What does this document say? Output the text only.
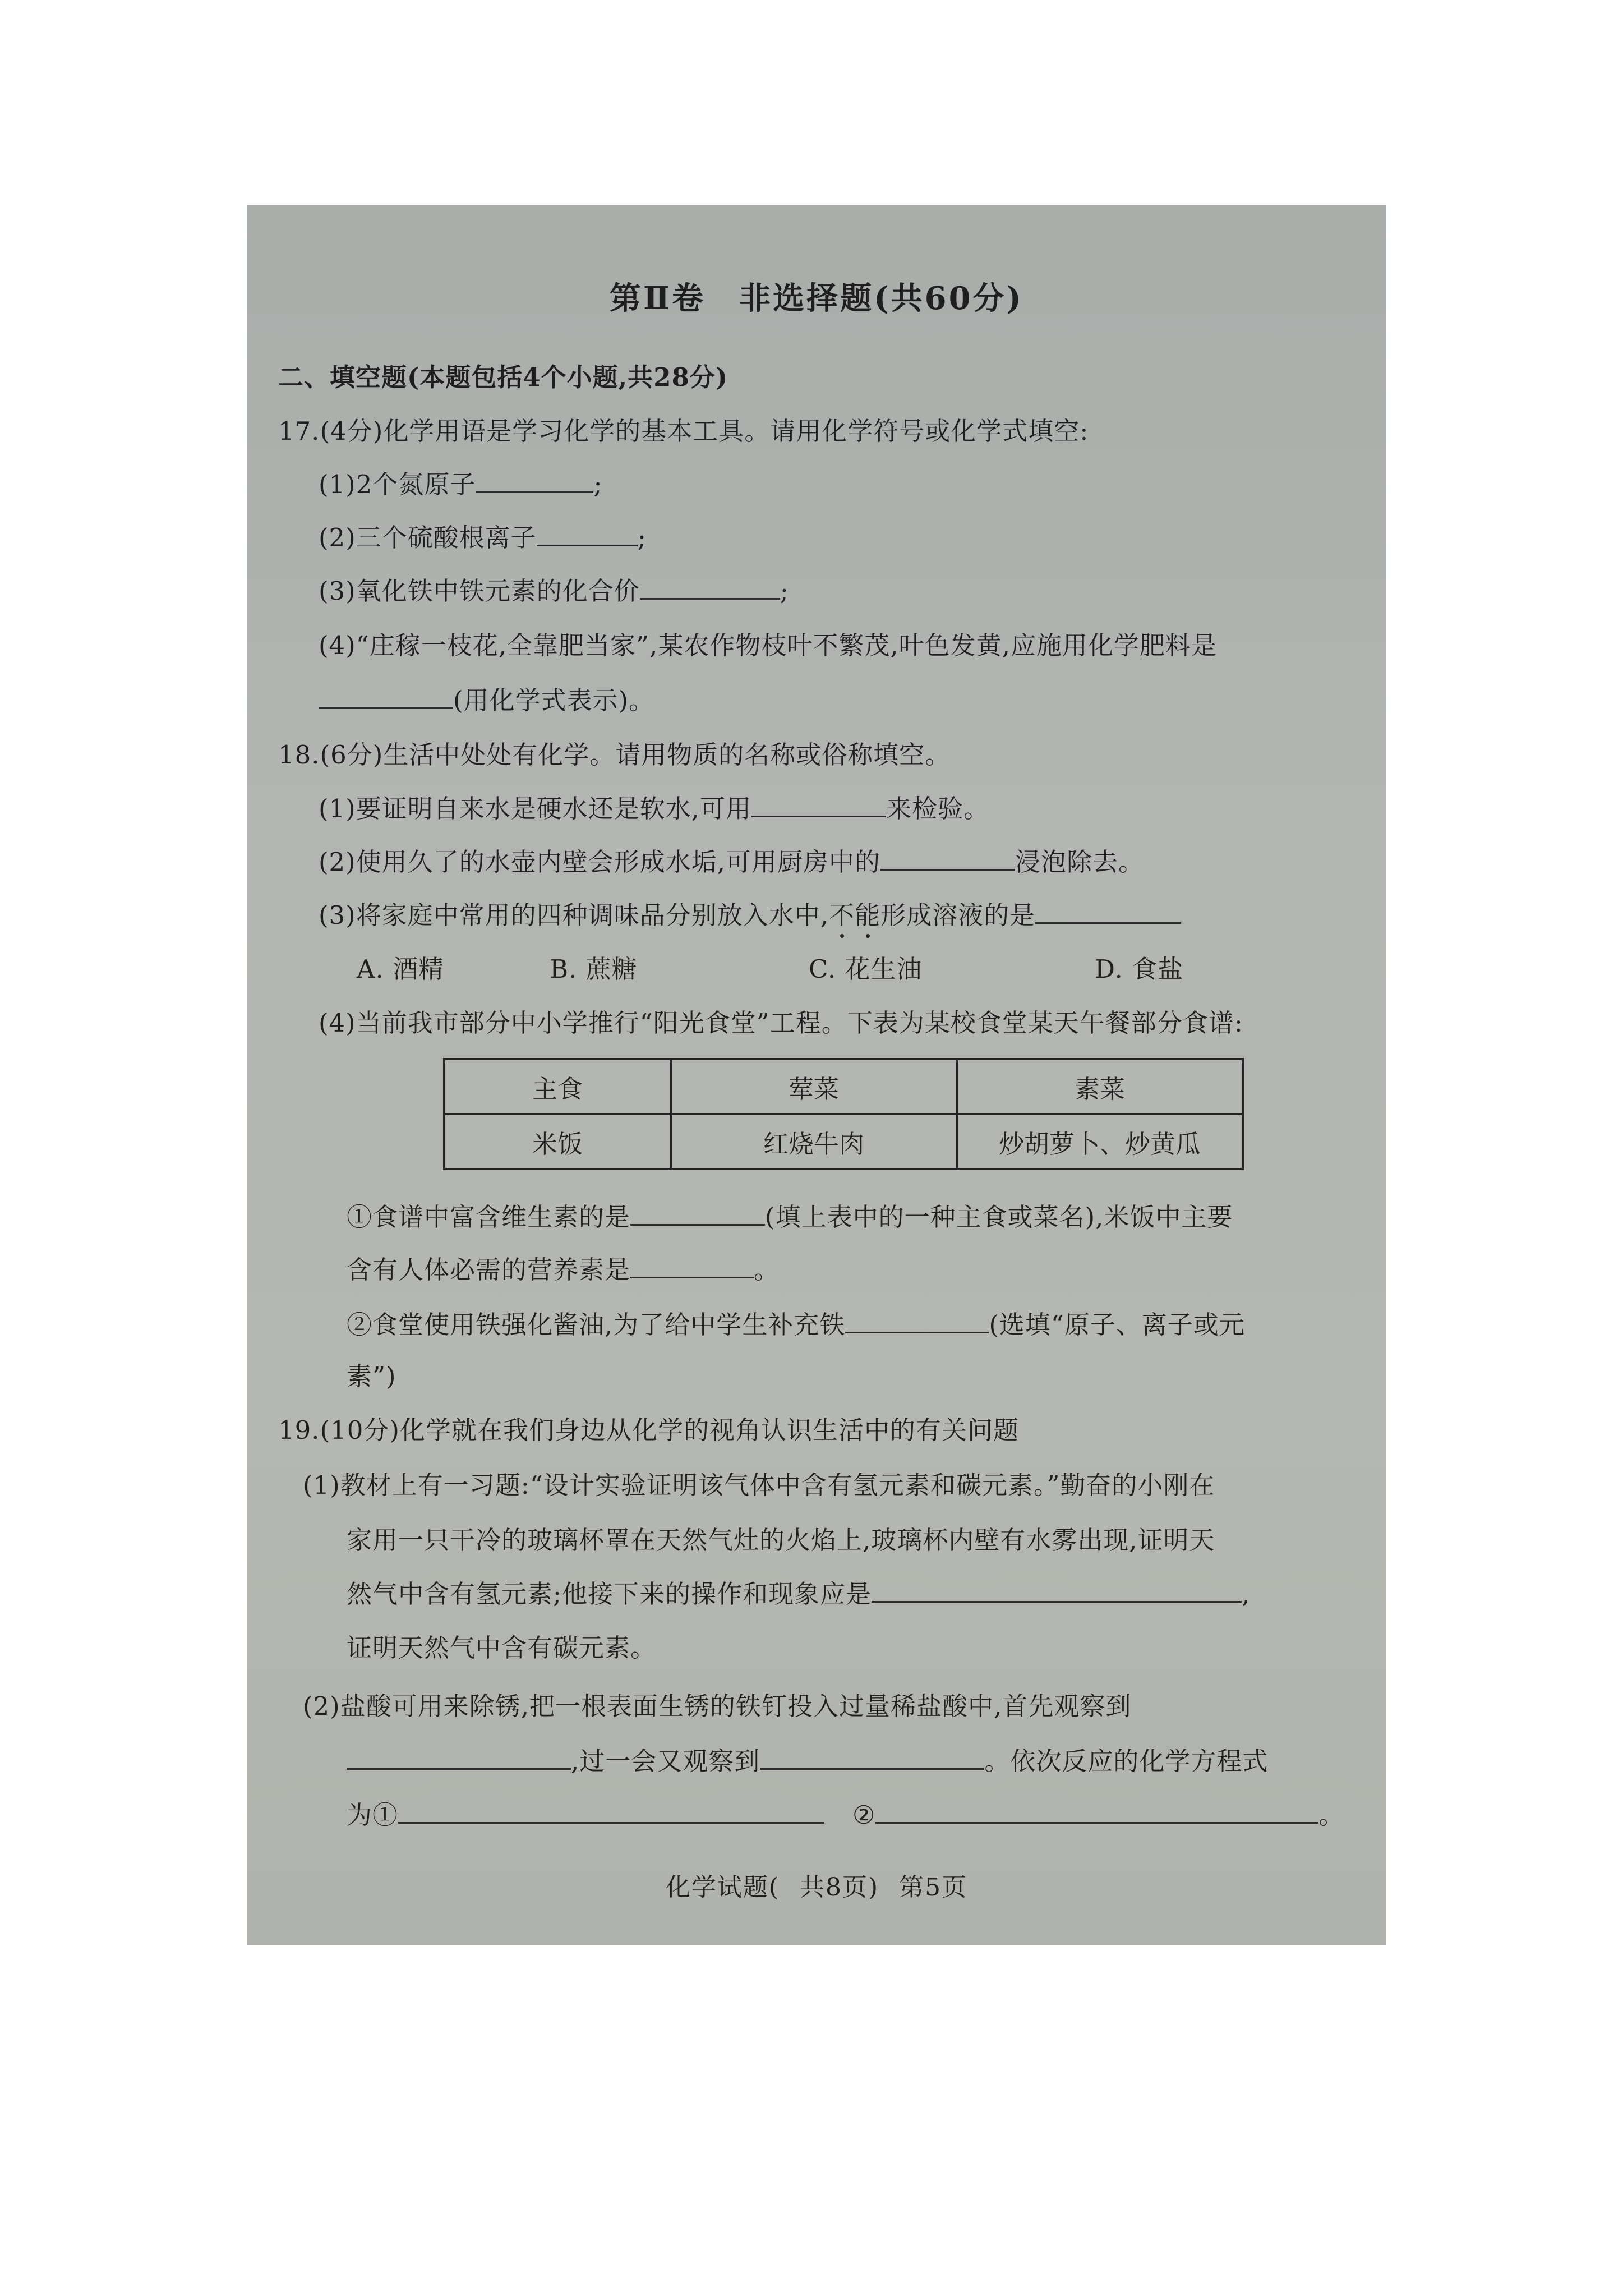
第Ⅱ卷　非选择题(共60分)
二、填空题(本题包括4个小题,共28分)
17.(4分)化学用语是学习化学的基本工具。请用化学符号或化学式填空:
(1)2个氮原子	;
(2)三个硫酸根离子	;
(3)氧化铁中铁元素的化合价	;
(4)“庄稼一枝花,全靠肥当家”,某农作物枝叶不繁茂,叶色发黄,应施用化学肥料是
(用化学式表示)。
18.(6分)生活中处处有化学。请用物质的名称或俗称填空。
(1)要证明自来水是硬水还是软水,可用	来检验。
(2)使用久了的水壶内壁会形成水垢,可用厨房中的	浸泡除去。
(3)将家庭中常用的四种调味品分别放入水中,不能形成溶液的是
A. 酒精	B. 蔗糖	C. 花生油	D. 食盐
(4)当前我市部分中小学推行“阳光食堂”工程。下表为某校食堂某天午餐部分食谱:
主食	荤菜	素菜
米饭	红烧牛肉	炒胡萝卜、炒黄瓜
①食谱中富含维生素的是	(填上表中的一种主食或菜名),米饭中主要
含有人体必需的营养素是	。
②食堂使用铁强化酱油,为了给中学生补充铁	(选填“原子、离子或元
素”)
19.(10分)化学就在我们身边从化学的视角认识生活中的有关问题
(1)教材上有一习题:“设计实验证明该气体中含有氢元素和碳元素。”勤奋的小刚在
家用一只干冷的玻璃杯罩在天然气灶的火焰上,玻璃杯内壁有水雾出现,证明天
然气中含有氢元素;他接下来的操作和现象应是	,
证明天然气中含有碳元素。
(2)盐酸可用来除锈,把一根表面生锈的铁钉投入过量稀盐酸中,首先观察到
,过一会又观察到	。依次反应的化学方程式
为①	②	。
化学试题( 共8页) 第5页
